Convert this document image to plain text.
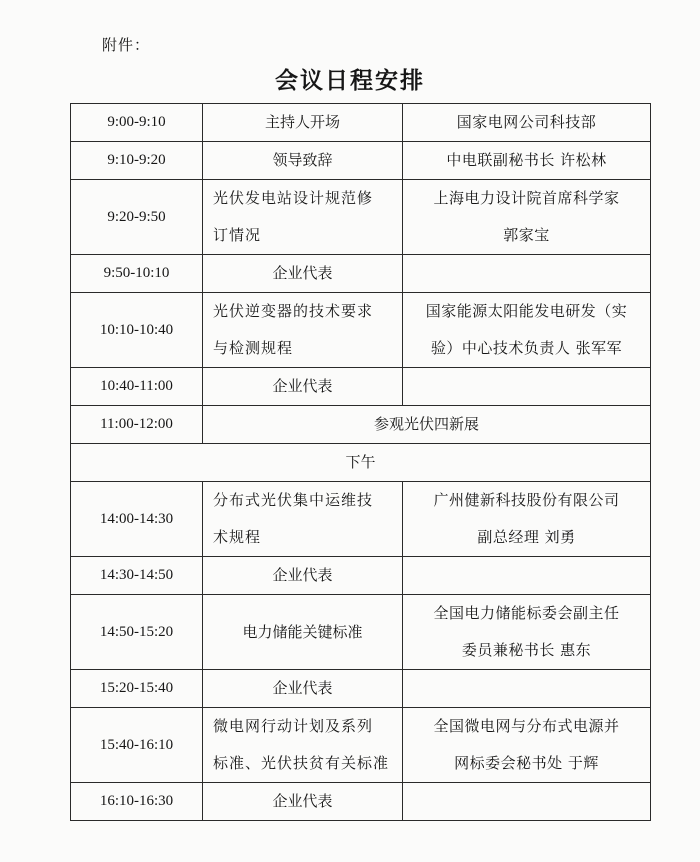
附件：
会议日程安排
9:00-9:10	主持人开场	国家电网公司科技部

9:10-9:20	领导致辞	中电联副秘书长 许松林

9:20-9:50	光伏发电站设计规范修
订情况	上海电力设计院首席科学家
郭家宝

9:50-10:10	企业代表	

10:10-10:40	光伏逆变器的技术要求
与检测规程	国家能源太阳能发电研发（实
验）中心技术负责人 张军军

10:40-11:00	企业代表	

11:00-12:00	参观光伏四新展	
下午		
14:00-14:30	分布式光伏集中运维技
术规程	广州健新科技股份有限公司
副总经理 刘勇

14:30-14:50	企业代表	

14:50-15:20	电力储能关键标准	全国电力储能标委会副主任
委员兼秘书长 惠东

15:20-15:40	企业代表	

15:40-16:10	微电网行动计划及系列
标准、光伏扶贫有关标准	全国微电网与分布式电源并
网标委会秘书处 于辉

16:10-16:30	企业代表	
